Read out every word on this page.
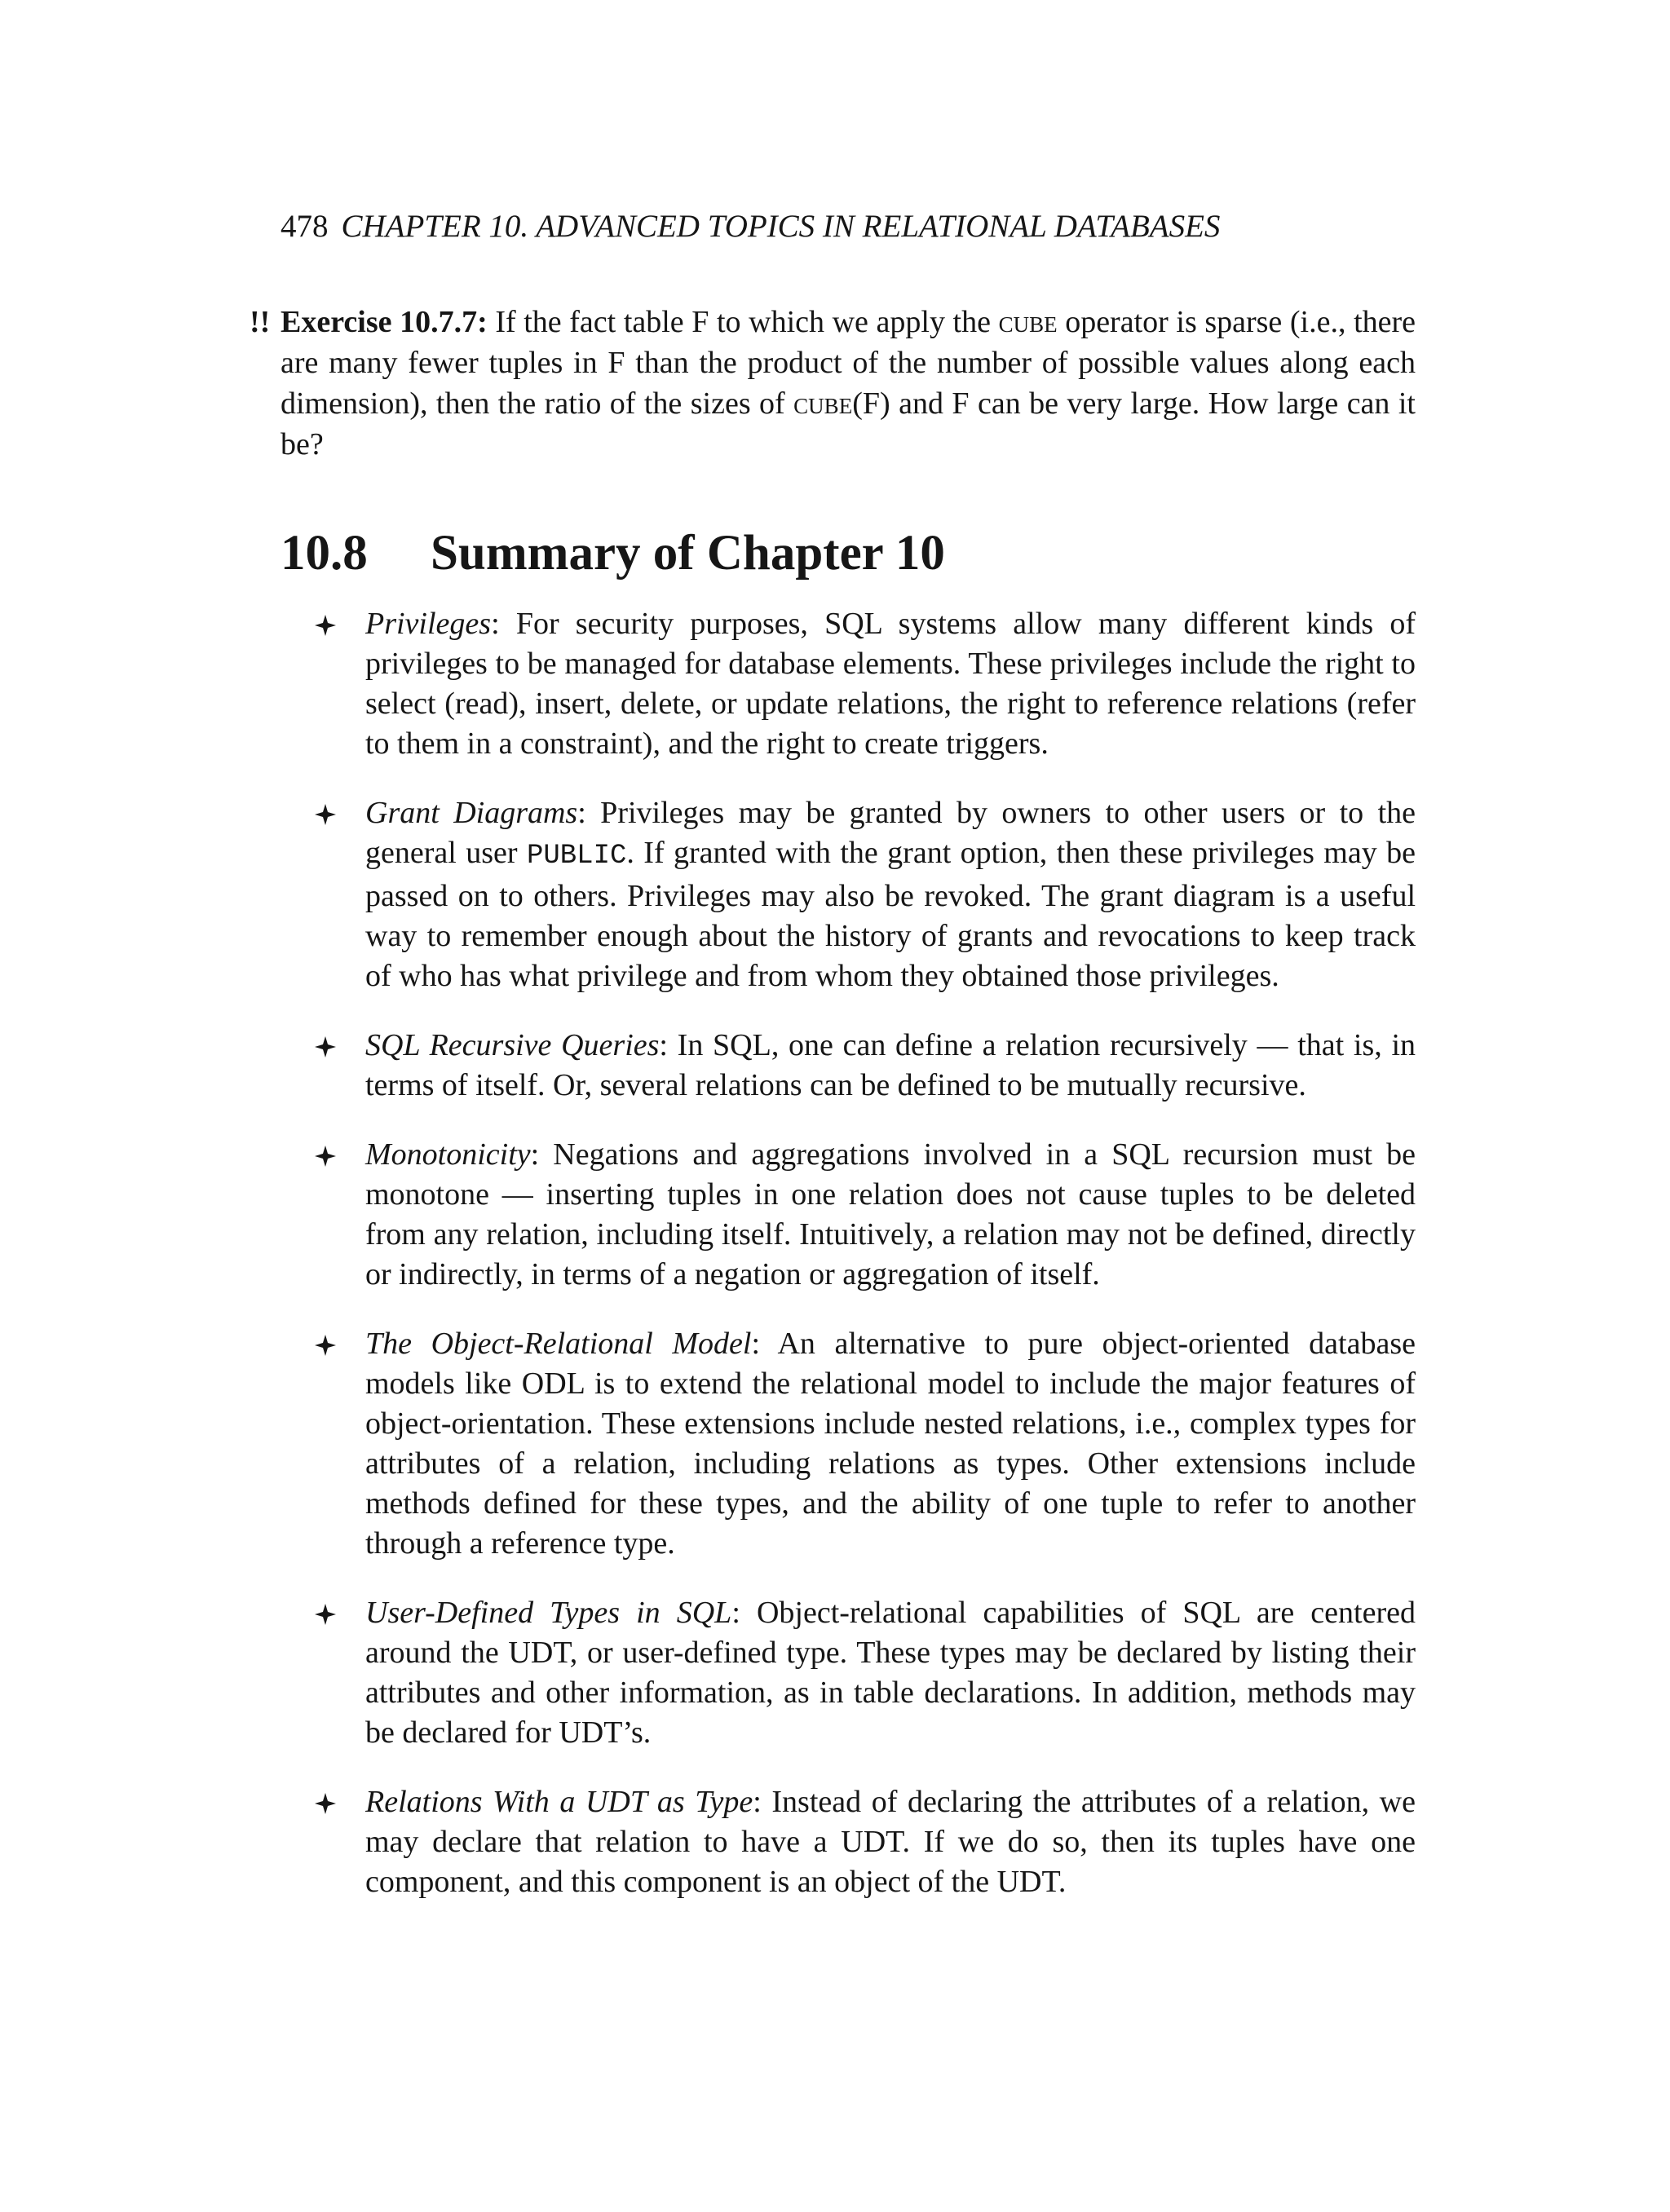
478 CHAPTER 10. ADVANCED TOPICS IN RELATIONAL DATABASES
!! Exercise 10.7.7: If the fact table F to which we apply the cube operator is sparse (i.e., there are many fewer tuples in F than the product of the number of possible values along each dimension), then the ratio of the sizes of cube(F) and F can be very large. How large can it be?
10.8 Summary of Chapter 10
Privileges: For security purposes, SQL systems allow many different kinds of privileges to be managed for database elements. These privileges include the right to select (read), insert, delete, or update relations, the right to reference relations (refer to them in a constraint), and the right to create triggers.
Grant Diagrams: Privileges may be granted by owners to other users or to the general user PUBLIC. If granted with the grant option, then these privileges may be passed on to others. Privileges may also be revoked. The grant diagram is a useful way to remember enough about the history of grants and revocations to keep track of who has what privilege and from whom they obtained those privileges.
SQL Recursive Queries: In SQL, one can define a relation recursively — that is, in terms of itself. Or, several relations can be defined to be mutually recursive.
Monotonicity: Negations and aggregations involved in a SQL recursion must be monotone — inserting tuples in one relation does not cause tuples to be deleted from any relation, including itself. Intuitively, a relation may not be defined, directly or indirectly, in terms of a negation or aggregation of itself.
The Object-Relational Model: An alternative to pure object-oriented database models like ODL is to extend the relational model to include the major features of object-orientation. These extensions include nested relations, i.e., complex types for attributes of a relation, including relations as types. Other extensions include methods defined for these types, and the ability of one tuple to refer to another through a reference type.
User-Defined Types in SQL: Object-relational capabilities of SQL are centered around the UDT, or user-defined type. These types may be declared by listing their attributes and other information, as in table declarations. In addition, methods may be declared for UDT’s.
Relations With a UDT as Type: Instead of declaring the attributes of a relation, we may declare that relation to have a UDT. If we do so, then its tuples have one component, and this component is an object of the UDT.
